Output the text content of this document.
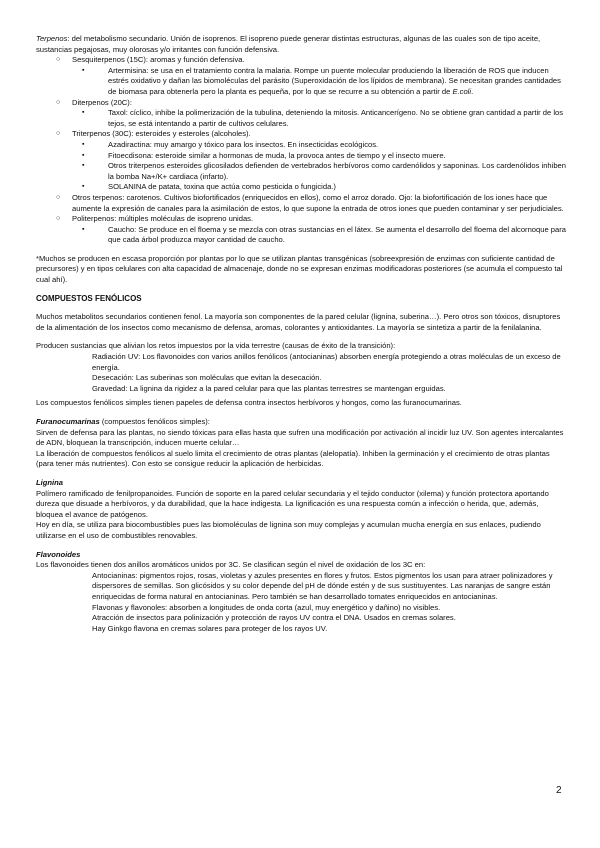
Terpenos: del metabolismo secundario. Unión de isoprenos. El isopreno puede generar distintas estructuras, algunas de las cuales son de tipo aceite, sustancias pegajosas, muy olorosas y/o irritantes con función defensiva.

○	Sesquiterpenos (15C): aromas y función defensiva.

▪	Artermisina: se usa en el tratamiento contra la malaria. Rompe un puente molecular produciendo la liberación de ROS que inducen estrés oxidativo y dañan las biomoléculas del parásito (Superoxidación de los lípidos de membrana). Se necesitan grandes cantidades de biomasa para obtenerla pero la planta es pequeña, por lo que se recurre a su obtención a partir de E.coli.

○	Diterpenos (20C):

▪	Taxol: cíclico, inhibe la polimerización de la tubulina, deteniendo la mitosis. Anticancerígeno. No se obtiene gran cantidad a partir de los tejos, se está intentando a partir de cultivos celulares.

○	Triterpenos (30C): esteroides y esteroles (alcoholes).

▪	Azadiractina: muy amargo y tóxico para los insectos. En insecticidas ecológicos.

▪	Fitoecdisona: esteroide similar a hormonas de muda, la provoca antes de tiempo y el insecto muere.

▪	Otros triterpenos esteroides glicosilados defienden de vertebrados herbívoros como cardenólidos y saponinas. Los cardenólidos inhiben la bomba Na+/K+ cardiaca (infarto).

▪	SOLANINA de patata, toxina que actúa como pesticida o fungicida.)

○	Otros terpenos: carotenos. Cultivos biofortificados (enriquecidos en ellos), como el arroz dorado. Ojo: la biofortificación de los iones hace que aumente la expresión de canales para la asimilación de estos, lo que supone la entrada de otros iones que pueden contaminar y ser perjudiciales.

○	Politerpenos: múltiples moléculas de isopreno unidas.

▪	Caucho: Se produce en el floema y se mezcla con otras sustancias en el látex. Se aumenta el desarrollo del floema del alcornoque para que cada árbol produzca mayor cantidad de caucho.

*Muchos se producen en escasa proporción por plantas por lo que se utilizan plantas transgénicas (sobreexpresión de enzimas con suficiente cantidad de precursores) y en tipos celulares con alta capacidad de almacenaje, donde no se expresan enzimas modificadoras posteriores (se acumula el compuesto tal cual ahí).

COMPUESTOS FENÓLICOS

Muchos metabolitos secundarios contienen fenol. La mayoría son componentes de la pared celular (lignina, suberina…). Pero otros son tóxicos, disruptores de la alimentación de los insectos como mecanismo de defensa, aromas, colorantes y antioxidantes. La mayoría se sintetiza a partir de la fenilalanina.

Producen sustancias que alivian los retos impuestos por la vida terrestre (causas de éxito de la transición):

Radiación UV: Los flavonoides con varios anillos fenólicos (antocianinas) absorben energía protegiendo a otras moléculas de un exceso de energía.

Desecación: Las suberinas son moléculas que evitan la desecación.

Gravedad: La lignina da rigidez a la pared celular para que las plantas terrestres se mantengan erguidas.

Los compuestos fenólicos simples tienen papeles de defensa contra insectos herbívoros y hongos, como las furanocumarinas.

Furanocumarinas (compuestos fenólicos simples):

Sirven de defensa para las plantas, no siendo tóxicas para ellas hasta que sufren una modificación por activación al incidir luz UV. Son agentes intercalantes de ADN, bloquean la transcripción, inducen muerte celular…

La liberación de compuestos fenólicos al suelo limita el crecimiento de otras plantas (alelopatía). Inhiben la germinación y el crecimiento de otras plantas (para tener más nutrientes). Con esto se consigue reducir la aplicación de herbicidas.

Lignina

Polímero ramificado de fenilpropanoides. Función de soporte en la pared celular secundaria y el tejido conductor (xilema) y función protectora aportando dureza que disuade a herbívoros, y da durabilidad, que la hace indigesta. La lignificación es una respuesta común a infección o herida, que, además, bloquea el avance de patógenos.

Hoy en día, se utiliza para biocombustibles pues las biomoléculas de lignina son muy complejas y acumulan mucha energía en sus enlaces, pudiendo utilizarse en el uso de combustibles renovables.

Flavonoides

Los flavonoides tienen dos anillos aromáticos unidos por 3C. Se clasifican según el nivel de oxidación de los 3C en:

Antocianinas: pigmentos rojos, rosas, violetas y azules presentes en flores y frutos. Estos pigmentos los usan para atraer polinizadores y dispersores de semillas. Son glicósidos y su color depende del pH de dónde estén y de sus sustituyentes. Las naranjas de sangre están enriquecidas de forma natural en antocianinas. Pero también se han desarrollado tomates enriquecidos en antocianinas.

Flavonas y flavonoles: absorben a longitudes de onda corta (azul, muy energético y dañino) no visibles.

Atracción de insectos para polinización y protección de rayos UV contra el DNA. Usados en cremas solares.

Hay Ginkgo flavona en cremas solares para proteger de los rayos UV.

2
